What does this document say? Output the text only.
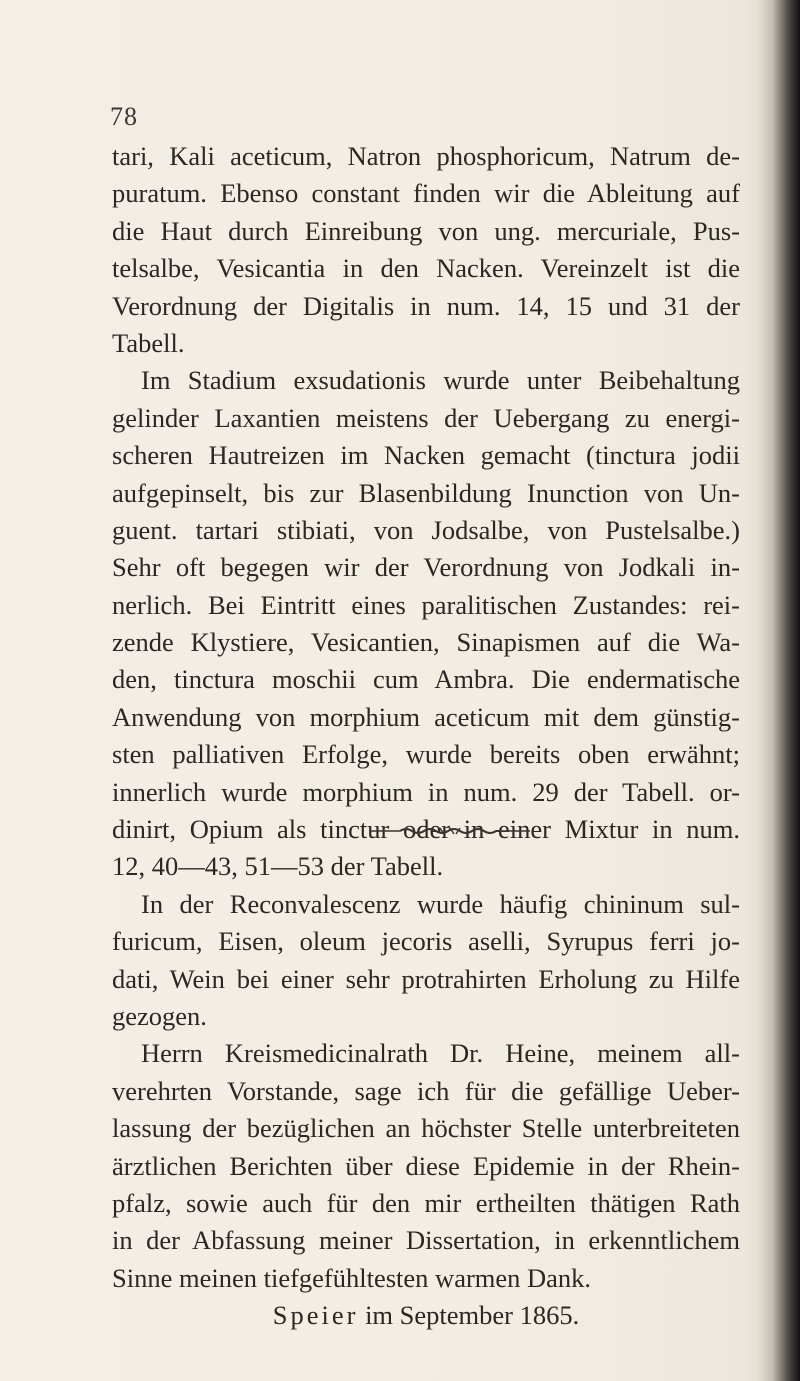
78
tari, Kali aceticum, Natron phosphoricum, Natrum de-
puratum. Ebenso constant finden wir die Ableitung auf
die Haut durch Einreibung von ung. mercuriale, Pus-
telsalbe, Vesicantia in den Nacken. Vereinzelt ist die
Verordnung der Digitalis in num. 14, 15 und 31 der
Tabell.
Im Stadium exsudationis wurde unter Beibehaltung
gelinder Laxantien meistens der Uebergang zu energi-
scheren Hautreizen im Nacken gemacht (tinctura jodii
aufgepinselt, bis zur Blasenbildung Inunction von Un-
guent. tartari stibiati, von Jodsalbe, von Pustelsalbe.)
Sehr oft begegen wir der Verordnung von Jodkali in-
nerlich. Bei Eintritt eines paralitischen Zustandes: rei-
zende Klystiere, Vesicantien, Sinapismen auf die Wa-
den, tinctura moschii cum Ambra. Die endermatische
Anwendung von morphium aceticum mit dem günstig-
sten palliativen Erfolge, wurde bereits oben erwähnt;
innerlich wurde morphium in num. 29 der Tabell. or-
dinirt, Opium als tinctur oder in einer Mixtur in num.
12, 40—43, 51—53 der Tabell.
In der Reconvalescenz wurde häufig chininum sul-
furicum, Eisen, oleum jecoris aselli, Syrupus ferri jo-
dati, Wein bei einer sehr protrahirten Erholung zu Hilfe
gezogen.
Herrn Kreismedicinalrath Dr. Heine, meinem all-
verehrten Vorstande, sage ich für die gefällige Ueber-
lassung der bezüglichen an höchster Stelle unterbreiteten
ärztlichen Berichten über diese Epidemie in der Rhein-
pfalz, sowie auch für den mir ertheilten thätigen Rath
in der Abfassung meiner Dissertation, in erkenntlichem
Sinne meinen tiefgefühltesten warmen Dank.
Speier im September 1865.
